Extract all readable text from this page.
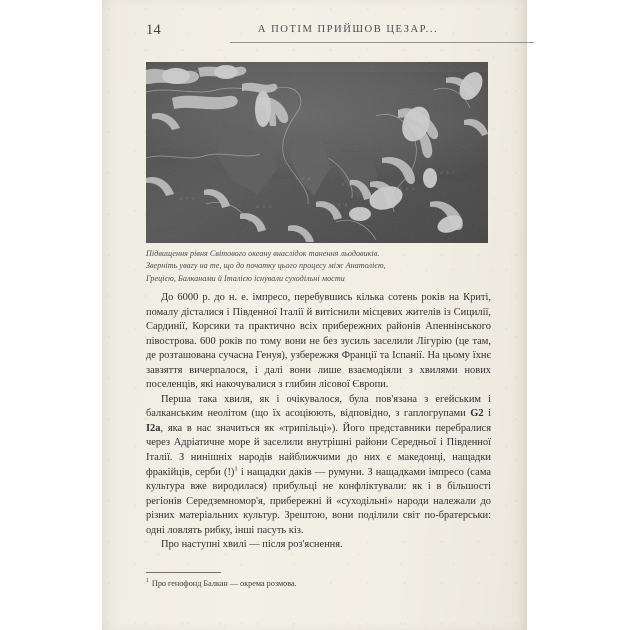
14	А ПОТІМ ПРИЙШОВ ЦЕЗАР...
Підвищення рівня Світового океану внаслідок танення льодовиків.
Зверніть увагу на те, що до початку цього процесу між Анатолією,
Грецією, Балканами й Італією існували суходільні мости

До 6000 р. до н. е. імпресо, перебувшись кілька сотень років на Криті, помалу дісталися і Південної Італії й витіснили місцевих жителів із Сицилії, Сардинії, Корсики та практично всіх прибережних районів Апеннінського півострова. 600 років по тому вони не без зусиль заселили Лігурію (це там, де розташована сучасна Генуя), узбережжя Франції та Іспанії. На цьому їхнє завзяття вичерпалося, і далі вони лише взаємодіяли з хвилями нових поселенців, які накочувалися з глибин лісової Європи.

Перша така хвиля, як і очікувалося, була пов'язана з егейським і балканським неолітом (що їх асоціюють, відповідно, з гаплогрупами G2 і I2a, яка в нас значиться як «трипільці»). Його представники перебралися через Адріатичне море й заселили внутрішні райони Середньої і Південної Італії. З нинішніх народів найближчими до них є македонці, нащадки фракійців, серби (!)$^1$ і нащадки даків — румуни. З нащадками імпресо (сама культура вже виродилася) прибульці не конфліктували: як і в більшості регіонів Середземномор'я, прибережні й «суходільні» народи належали до різних матеріальних культур. Зрештою, вони поділили світ по-братерськи: одні ловлять рибку, інші пасуть кіз.

Про наступні хвилі — після роз'яснення.

$^1$ Про генофонд Балкан — окрема розмова.
